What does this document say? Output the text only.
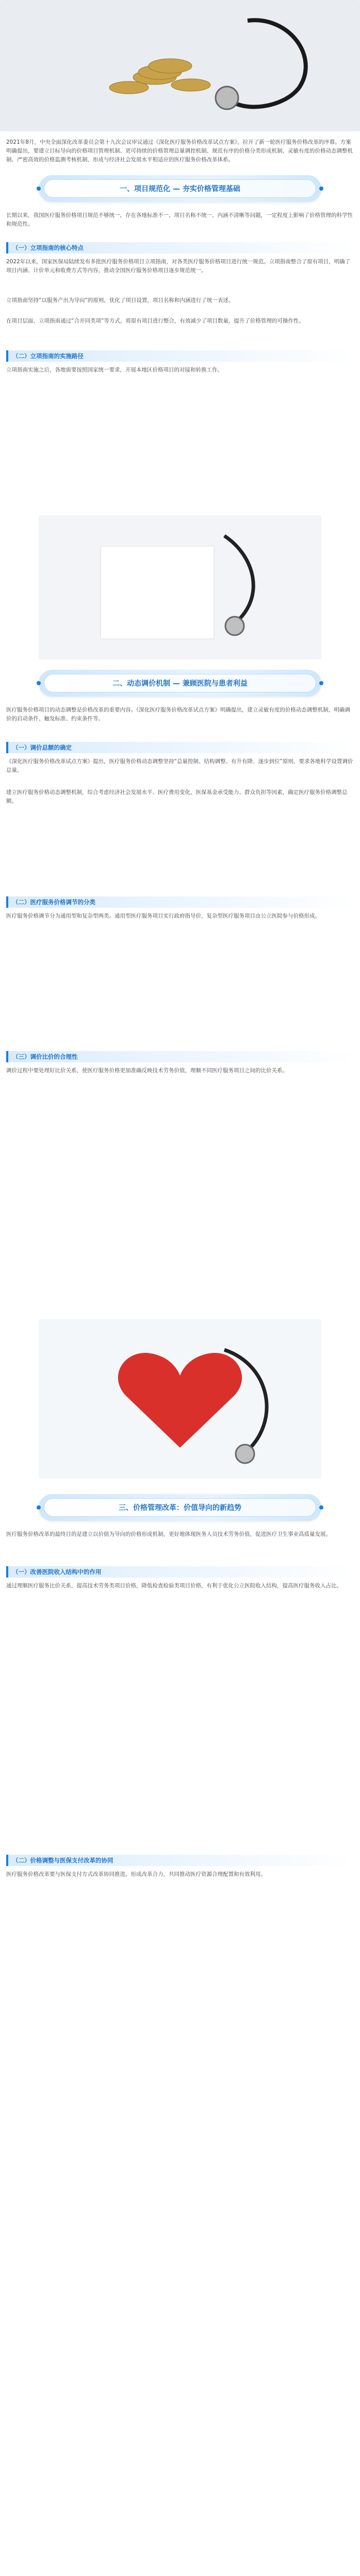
2021年8月，中央全面深化改革委员会第十九次会议审议通过《深化医疗服务价格改革试点方案》，拉开了新一轮医疗服务价格改革的序幕。方案明确提出，要建立目标导向的价格项目管理机制、更可持续的价格管理总量调控机制、规范有序的价格分类形成机制、灵敏有度的价格动态调整机制、严密高效的价格监测考核机制，形成与经济社会发展水平相适应的医疗服务价格改革体系。

一、项目规范化 — 夯实价格管理基础

长期以来，我国医疗服务价格项目规范不够统一，存在各地标准不一、项目名称不统一、内涵不清晰等问题，一定程度上影响了价格管理的科学性和规范性。

（一）立项指南的核心特点

2022年以来，国家医保局陆续发布多批医疗服务价格项目立项指南，对各类医疗服务价格项目进行统一规范。立项指南整合了原有项目，明确了项目内涵、计价单元和收费方式等内容，推动全国医疗服务价格项目逐步规范统一。

立项指南坚持“以服务产出为导向”的原则，优化了项目设置，项目名称和内涵进行了统一表述。

在项目层面，立项指南通过“合并同类项”等方式，将原有项目进行整合，有效减少了项目数量，提升了价格管理的可操作性。

（二）立项指南的实施路径

立项指南实施之后，各地需要按照国家统一要求，开展本地区价格项目的对接和转换工作。

二、动态调价机制 — 兼顾医院与患者利益

医疗服务价格项目的动态调整是价格改革的重要内容。《深化医疗服务价格改革试点方案》明确提出，建立灵敏有度的价格动态调整机制，明确调价的启动条件、触发标准、约束条件等。

（一）调价总额的确定

《深化医疗服务价格改革试点方案》提出，医疗服务价格动态调整坚持“总量控制、结构调整、有升有降、逐步到位”原则，要求各地科学设置调价总量。

建立医疗服务价格动态调整机制，综合考虑经济社会发展水平、医疗费用变化、医保基金承受能力、群众负担等因素，确定医疗服务价格调整总额。

（二）医疗服务价格调节的分类

医疗服务价格调节分为通用型和复杂型两类。通用型医疗服务项目实行政府指导价，复杂型医疗服务项目由公立医院参与价格形成。

（三）调价比价的合理性

调价过程中要处理好比价关系，使医疗服务价格更加准确反映技术劳务价值，理顺不同医疗服务项目之间的比价关系。

三、价格管理改革：价值导向的新趋势

医疗服务价格改革的最终目的是建立以价值为导向的价格形成机制，更好地体现医务人员技术劳务价值，促进医疗卫生事业高质量发展。

（一）改善医院收入结构中的作用

通过理顺医疗服务比价关系，提高技术劳务类项目价格，降低检查检验类项目价格，有利于优化公立医院收入结构，提高医疗服务收入占比。

（二）价格调整与医保支付改革的协同

医疗服务价格改革要与医保支付方式改革协同推进，形成改革合力，共同推动医疗资源合理配置和有效利用。
